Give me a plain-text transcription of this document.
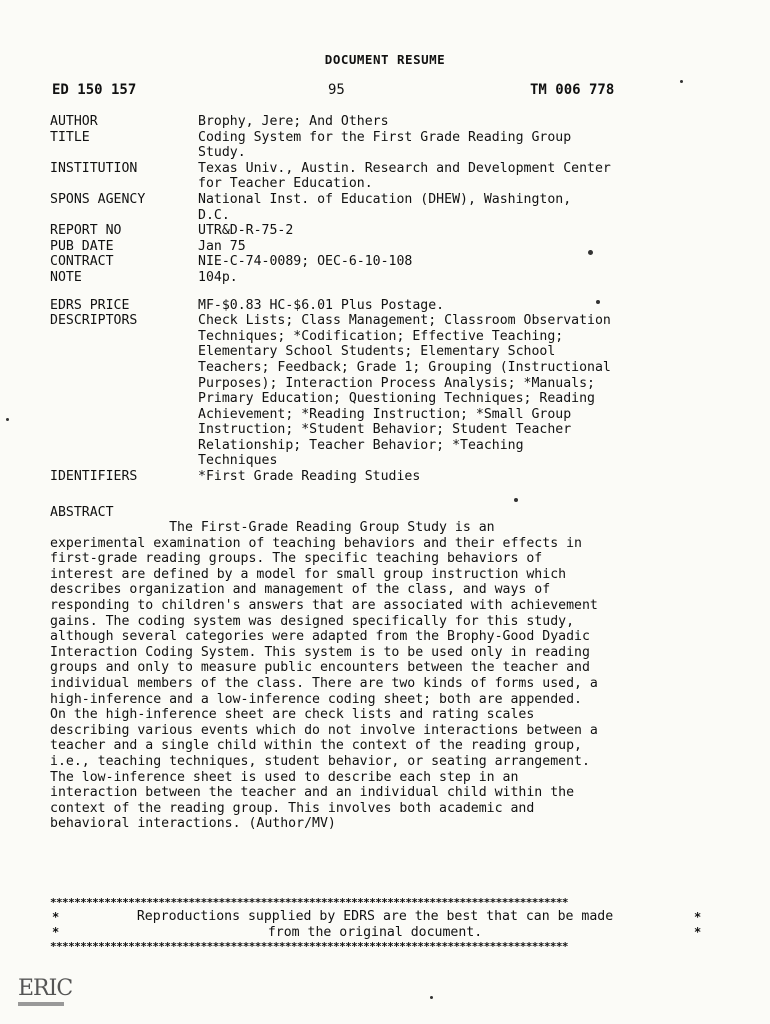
DOCUMENT RESUME
ED 150 157	95	TM 006 778
AUTHOR	Brophy, Jere; And Others
TITLE	Coding System for the First Grade Reading Group
Study.
INSTITUTION	Texas Univ., Austin. Research and Development Center
for Teacher Education.
SPONS AGENCY	National Inst. of Education (DHEW), Washington,
D.C.
REPORT NO	UTR&D-R-75-2
PUB DATE	Jan 75
CONTRACT	NIE-C-74-0089; OEC-6-10-108
NOTE	104p.
EDRS PRICE	MF-$0.83 HC-$6.01 Plus Postage.
DESCRIPTORS	Check Lists; Class Management; Classroom Observation
Techniques; *Codification; Effective Teaching;
Elementary School Students; Elementary School
Teachers; Feedback; Grade 1; Grouping (Instructional
Purposes); Interaction Process Analysis; *Manuals;
Primary Education; Questioning Techniques; Reading
Achievement; *Reading Instruction; *Small Group
Instruction; *Student Behavior; Student Teacher
Relationship; Teacher Behavior; *Teaching
Techniques
IDENTIFIERS	*First Grade Reading Studies
ABSTRACT
The First-Grade Reading Group Study is an
experimental examination of teaching behaviors and their effects in
first-grade reading groups. The specific teaching behaviors of
interest are defined by a model for small group instruction which
describes organization and management of the class, and ways of
responding to children's answers that are associated with achievement
gains. The coding system was designed specifically for this study,
although several categories were adapted from the Brophy-Good Dyadic
Interaction Coding System. This system is to be used only in reading
groups and only to measure public encounters between the teacher and
individual members of the class. There are two kinds of forms used, a
high-inference and a low-inference coding sheet; both are appended.
On the high-inference sheet are check lists and rating scales
describing various events which do not involve interactions between a
teacher and a single child within the context of the reading group,
i.e., teaching techniques, student behavior, or seating arrangement.
The low-inference sheet is used to describe each step in an
interaction between the teacher and an individual child within the
context of the reading group. This involves both academic and
behavioral interactions. (Author/MV)
**************************************************************************************
*	*
Reproductions supplied by EDRS are the best that can be made
*	*
from the original document.
**************************************************************************************
ERIC
